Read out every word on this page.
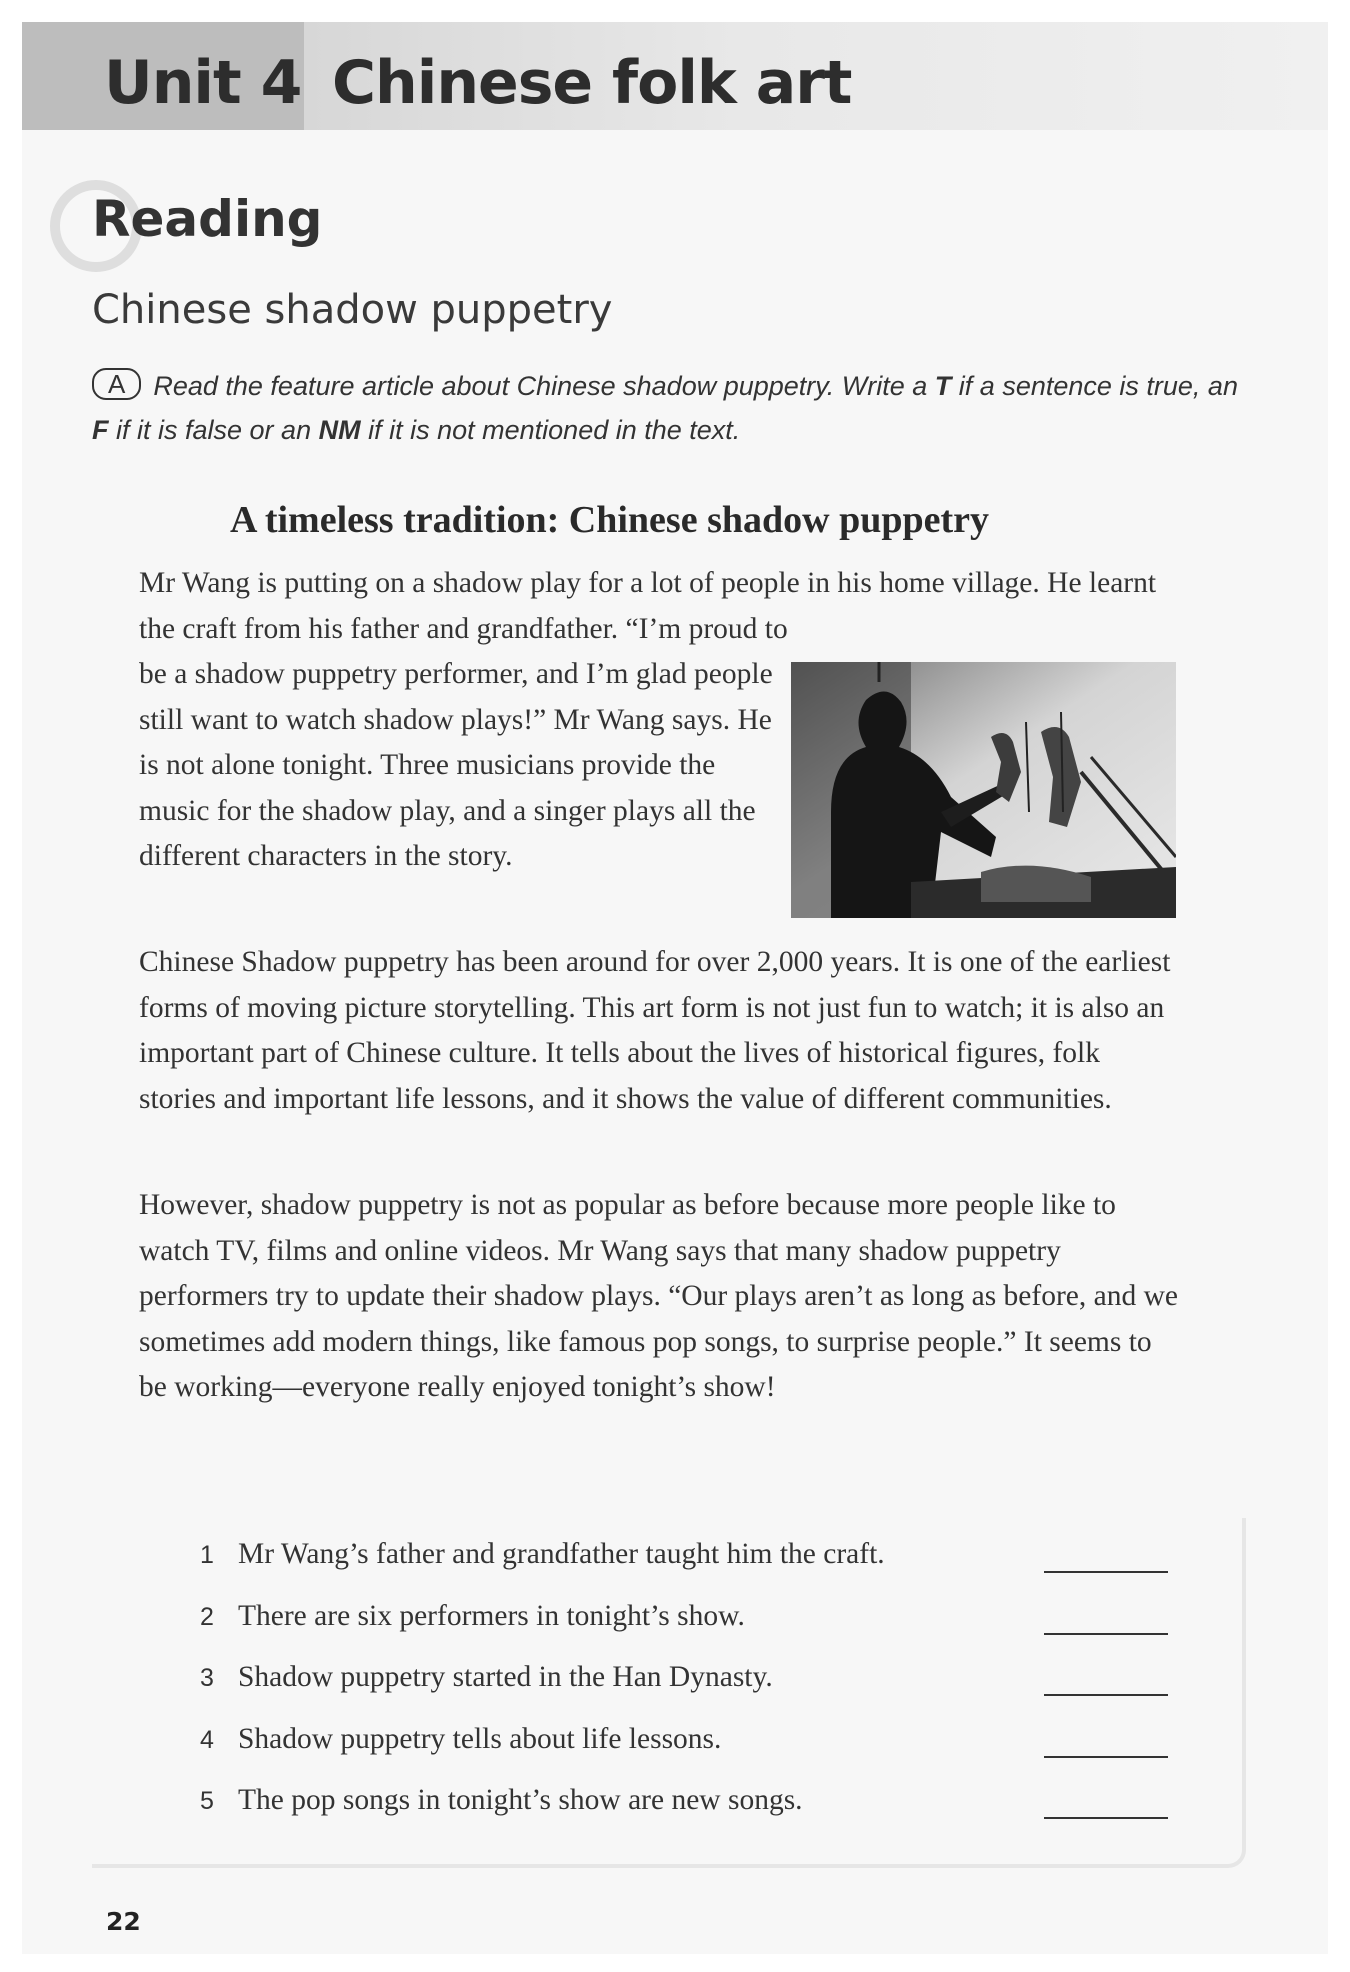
Unit 4 Chinese folk art
Reading
Chinese shadow puppetry
A Read the feature article about Chinese shadow puppetry. Write a T if a sentence is true, an F if it is false or an NM if it is not mentioned in the text.
A timeless tradition: Chinese shadow puppetry

Mr Wang is putting on a shadow play for a lot of people in his home village. He learnt the craft from his father and grandfather. “I’m proud to

be a shadow puppetry performer, and I’m glad people still want to watch shadow plays!” Mr Wang says. He is not alone tonight. Three musicians provide the music for the shadow play, and a singer plays all the different characters in the story.

Chinese Shadow puppetry has been around for over 2,000 years. It is one of the earliest forms of moving picture storytelling. This art form is not just fun to watch; it is also an important part of Chinese culture. It tells about the lives of historical figures, folk stories and important life lessons, and it shows the value of different communities.

However, shadow puppetry is not as popular as before because more people like to watch TV, films and online videos. Mr Wang says that many shadow puppetry performers try to update their shadow plays. “Our plays aren’t as long as before, and we sometimes add modern things, like famous pop songs, to surprise people.” It seems to be working—everyone really enjoyed tonight’s show!

1 Mr Wang’s father and grandfather taught him the craft.
2 There are six performers in tonight’s show.
3 Shadow puppetry started in the Han Dynasty.
4 Shadow puppetry tells about life lessons.
5 The pop songs in tonight’s show are new songs.
22
